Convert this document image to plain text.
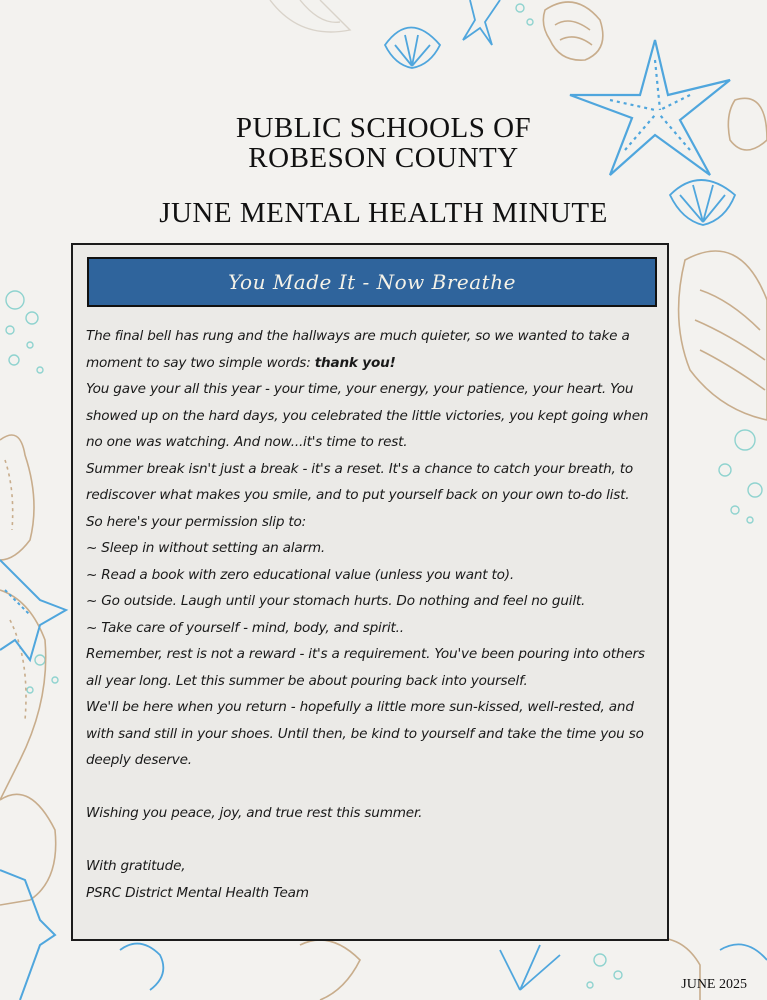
PUBLIC SCHOOLS OF
ROBESON COUNTY
JUNE MENTAL HEALTH MINUTE
You Made It - Now Breathe

The final bell has rung and the hallways are much quieter, so we wanted to take a moment to say two simple words: thank you!

You gave your all this year - your time, your energy, your patience, your heart. You showed up on the hard days, you celebrated the little victories, you kept going when no one was watching. And now...it's time to rest.

Summer break isn't just a break - it's a reset. It's a chance to catch your breath, to rediscover what makes you smile, and to put yourself back on your own to-do list.

So here's your permission slip to:

~ Sleep in without setting an alarm.

~ Read a book with zero educational value (unless you want to).

~ Go outside. Laugh until your stomach hurts. Do nothing and feel no guilt.

~ Take care of yourself - mind, body, and spirit..

Remember, rest is not a reward - it's a requirement. You've been pouring into others all year long. Let this summer be about pouring back into yourself.

We'll be here when you return - hopefully a little more sun-kissed, well-rested, and with sand still in your shoes. Until then, be kind to yourself and take the time you so deeply deserve.

Wishing you peace, joy, and true rest this summer.

With gratitude,

PSRC District Mental Health Team

JUNE 2025
